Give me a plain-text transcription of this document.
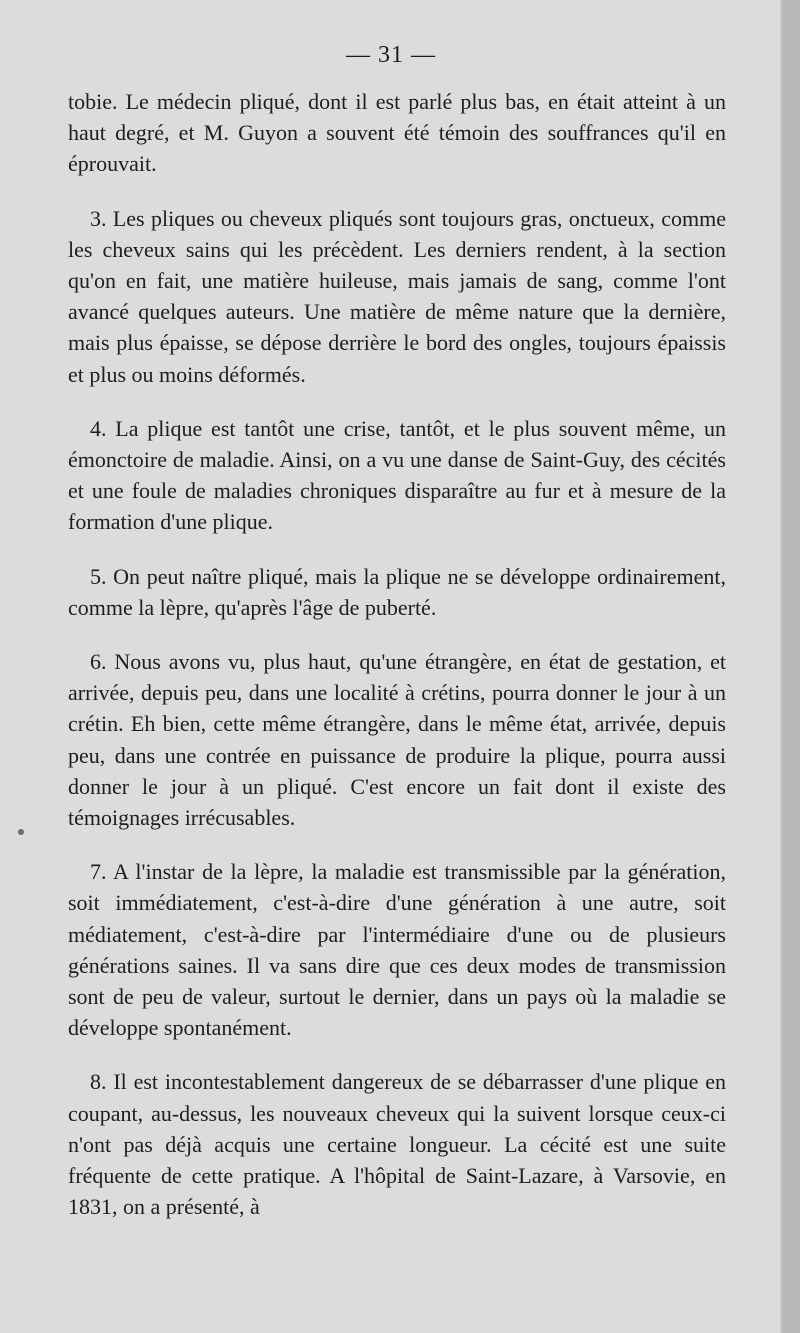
— 31 —

tobie. Le médecin pliqué, dont il est parlé plus bas, en était atteint à un haut degré, et M. Guyon a souvent été témoin des souffrances qu'il en éprouvait.

3. Les pliques ou cheveux pliqués sont toujours gras, onctueux, comme les cheveux sains qui les précèdent. Les derniers rendent, à la section qu'on en fait, une matière huileuse, mais jamais de sang, comme l'ont avancé quelques auteurs. Une matière de même nature que la dernière, mais plus épaisse, se dépose derrière le bord des ongles, toujours épaissis et plus ou moins déformés.

4. La plique est tantôt une crise, tantôt, et le plus souvent même, un émonctoire de maladie. Ainsi, on a vu une danse de Saint-Guy, des cécités et une foule de maladies chroniques disparaître au fur et à mesure de la formation d'une plique.

5. On peut naître pliqué, mais la plique ne se développe ordinairement, comme la lèpre, qu'après l'âge de puberté.

6. Nous avons vu, plus haut, qu'une étrangère, en état de gestation, et arrivée, depuis peu, dans une localité à crétins, pourra donner le jour à un crétin. Eh bien, cette même étrangère, dans le même état, arrivée, depuis peu, dans une contrée en puissance de produire la plique, pourra aussi donner le jour à un pliqué. C'est encore un fait dont il existe des témoignages irrécusables.

7. A l'instar de la lèpre, la maladie est transmissible par la génération, soit immédiatement, c'est-à-dire d'une génération à une autre, soit médiatement, c'est-à-dire par l'intermédiaire d'une ou de plusieurs générations saines. Il va sans dire que ces deux modes de transmission sont de peu de valeur, surtout le dernier, dans un pays où la maladie se développe spontanément.

8. Il est incontestablement dangereux de se débarrasser d'une plique en coupant, au-dessus, les nouveaux cheveux qui la suivent lorsque ceux-ci n'ont pas déjà acquis une certaine longueur. La cécité est une suite fréquente de cette pratique. A l'hôpital de Saint-Lazare, à Varsovie, en 1831, on a présenté, à
